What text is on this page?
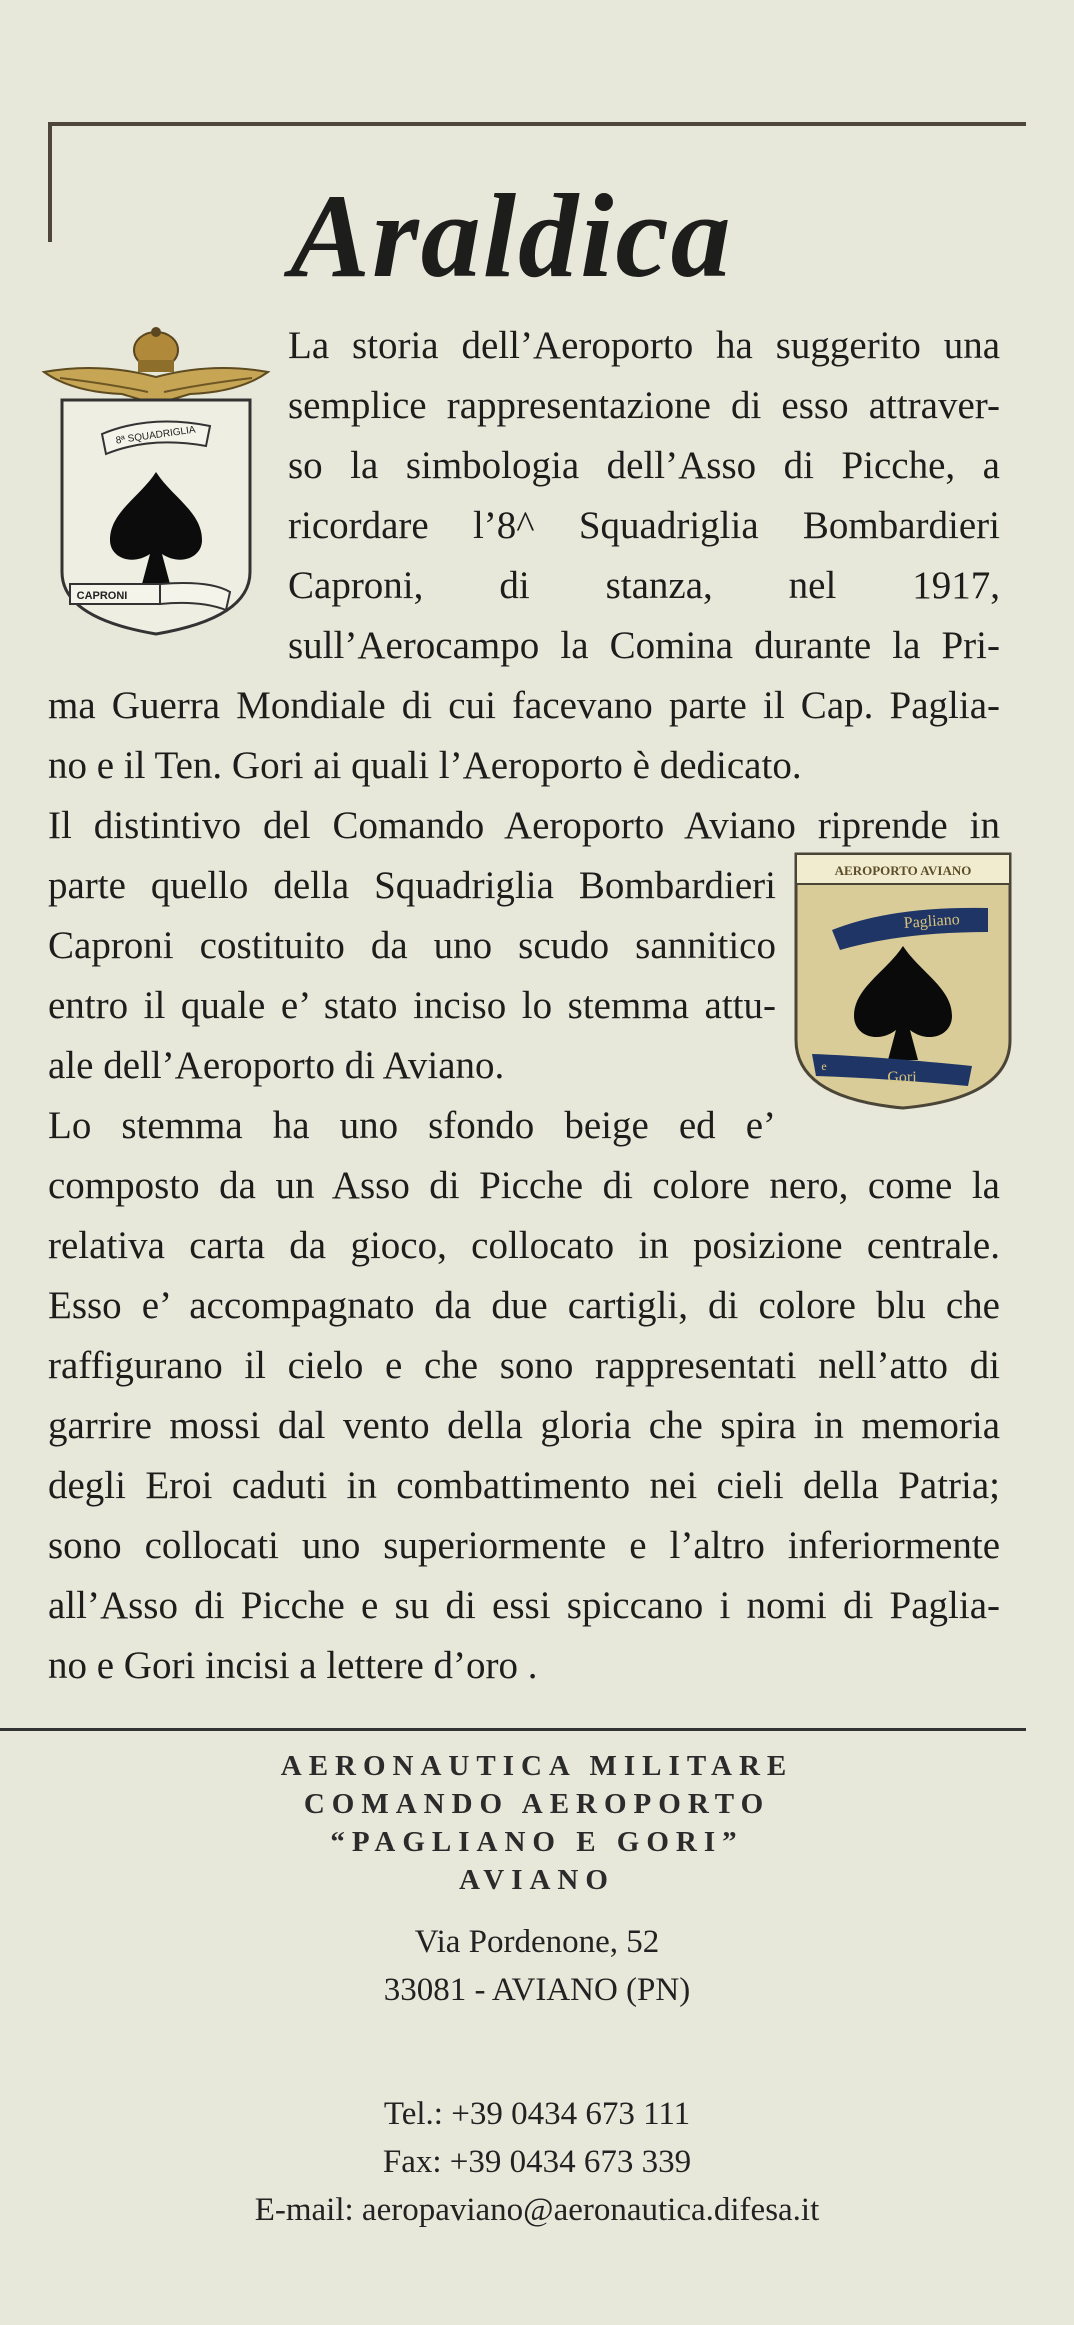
Araldica
8ª SQUADRIGLIA
CAPRONI
AEROPORTO AVIANO
Pagliano
Gori
e

La storia dell’Aeroporto ha suggerito una

semplice rappresentazione di esso attraver-

so la simbologia dell’Asso di Picche, a

ricordare l’8^ Squadriglia Bombardieri

Caproni, di stanza, nel 1917,

sull’Aerocampo la Comina durante la Pri-

ma Guerra Mondiale di cui facevano parte il Cap. Paglia-

no e il Ten. Gori ai quali l’Aeroporto è dedicato.

Il distintivo del Comando Aeroporto Aviano riprende in

parte quello della Squadriglia Bombardieri

Caproni costituito da uno scudo sannitico

entro il quale e’ stato inciso lo stemma attu-

ale dell’Aeroporto di Aviano.

Lo stemma ha uno sfondo beige ed e’

composto da un Asso di Picche di colore nero, come la

relativa carta da gioco, collocato in posizione centrale.

Esso e’ accompagnato da due cartigli, di colore blu che

raffigurano il cielo e che sono rappresentati nell’atto di

garrire mossi dal vento della gloria che spira in memoria

degli Eroi caduti in combattimento nei cieli della Patria;

sono collocati uno superiormente e l’altro inferiormente

all’Asso di Picche e su di essi spiccano i nomi di Paglia-

no e Gori incisi a lettere d’oro .

AERONAUTICA MILITARE

COMANDO AEROPORTO

“PAGLIANO E GORI”

AVIANO

Via Pordenone, 52

33081 - AVIANO (PN)

Tel.: +39 0434 673 111

Fax: +39 0434 673 339

E-mail: aeropaviano@aeronautica.difesa.it
